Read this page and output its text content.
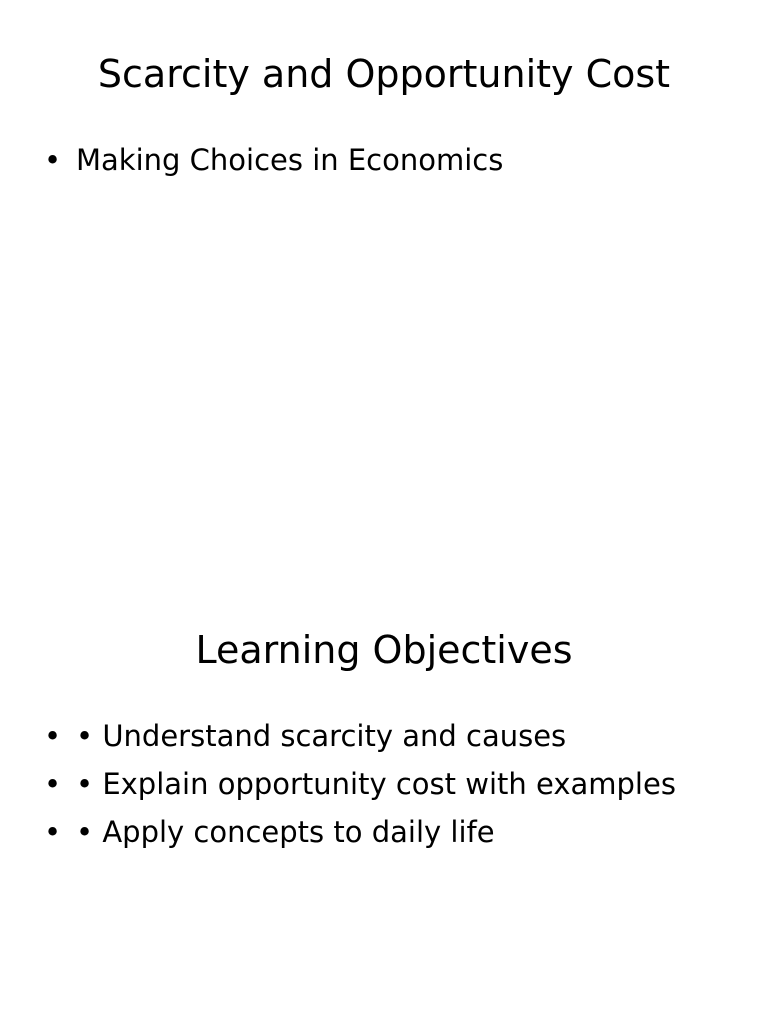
Scarcity and Opportunity Cost
• Making Choices in Economics
Learning Objectives
• • Understand scarcity and causes
• • Explain opportunity cost with examples
• • Apply concepts to daily life
